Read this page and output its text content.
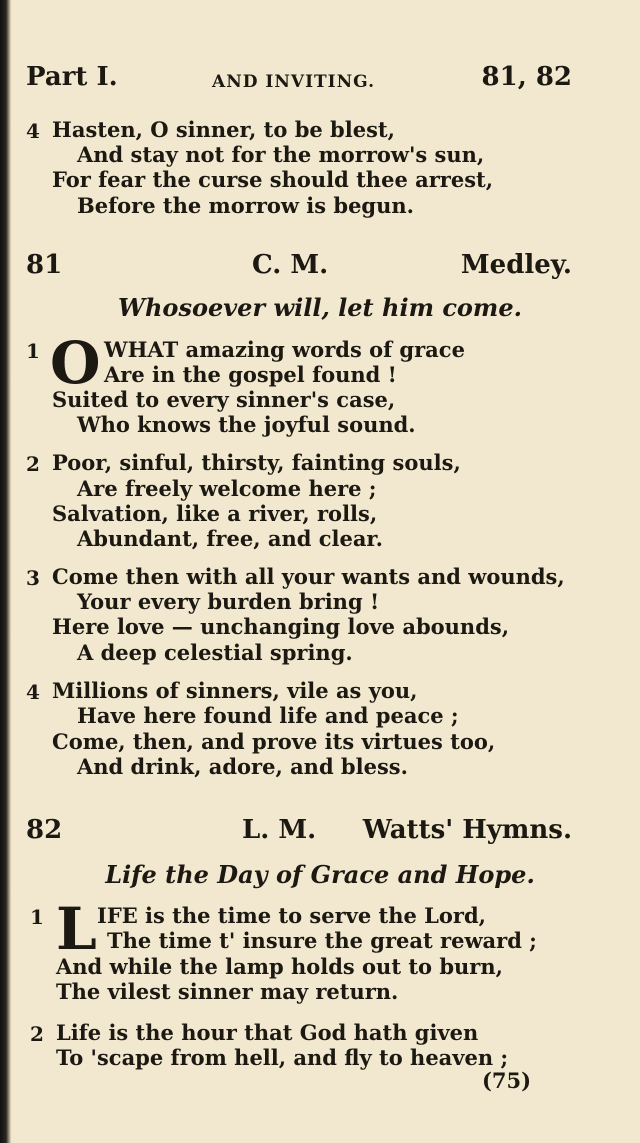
Part I.	AND INVITING.	81, 82
4 Hasten, O sinner, to be blest,
And stay not for the morrow's sun,
For fear the curse should thee arrest,
Before the morrow is begun.
81	C. M.	Medley.
Whosoever will, let him come.
1 O WHAT amazing words of grace
Are in the gospel found !
Suited to every sinner's case,
Who knows the joyful sound.
2 Poor, sinful, thirsty, fainting souls,
Are freely welcome here ;
Salvation, like a river, rolls,
Abundant, free, and clear.
3 Come then with all your wants and wounds,
Your every burden bring !
Here love — unchanging love abounds,
A deep celestial spring.
4 Millions of sinners, vile as you,
Have here found life and peace ;
Come, then, and prove its virtues too,
And drink, adore, and bless.
82	L. M. Watts' Hymns.
Life the Day of Grace and Hope.
1 L IFE is the time to serve the Lord,
The time t' insure the great reward ;
And while the lamp holds out to burn,
The vilest sinner may return.
2 Life is the hour that God hath given
To 'scape from hell, and fly to heaven ;
(75)
